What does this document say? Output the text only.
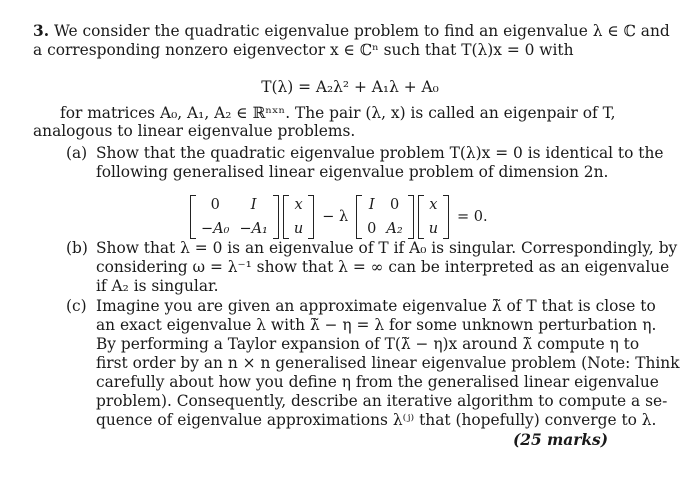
3. We consider the quadratic eigenvalue problem to find an eigenvalue λ ∈ ℂ and
a corresponding nonzero eigenvector x ∈ ℂⁿ such that T(λ)x = 0 with
T(λ) = A₂λ² + A₁λ + A₀
for matrices A₀, A₁, A₂ ∈ ℝⁿˣⁿ. The pair (λ, x) is called an eigenpair of T,
analogous to linear eigenvalue problems.
(a) Show that the quadratic eigenvalue problem T(λ)x = 0 is identical to the
following generalised linear eigenvalue problem of dimension 2n.
0	I
−A₀ −A₁
x
u
− λ
I	0
0 A₂
x
u
= 0.
(b) Show that λ = 0 is an eigenvalue of T if A₀ is singular. Correspondingly, by
considering ω = λ⁻¹ show that λ = ∞ can be interpreted as an eigenvalue
if A₂ is singular.
(c) Imagine you are given an approximate eigenvalue λ̃ of T that is close to
an exact eigenvalue λ with λ̃ − η = λ for some unknown perturbation η.
By performing a Taylor expansion of T(λ̃ − η)x around λ̃ compute η to
first order by an n × n generalised linear eigenvalue problem (Note: Think
carefully about how you define η from the generalised linear eigenvalue
problem). Consequently, describe an iterative algorithm to compute a se-
quence of eigenvalue approximations λ⁽ʲ⁾ that (hopefully) converge to λ.
(25 marks)
